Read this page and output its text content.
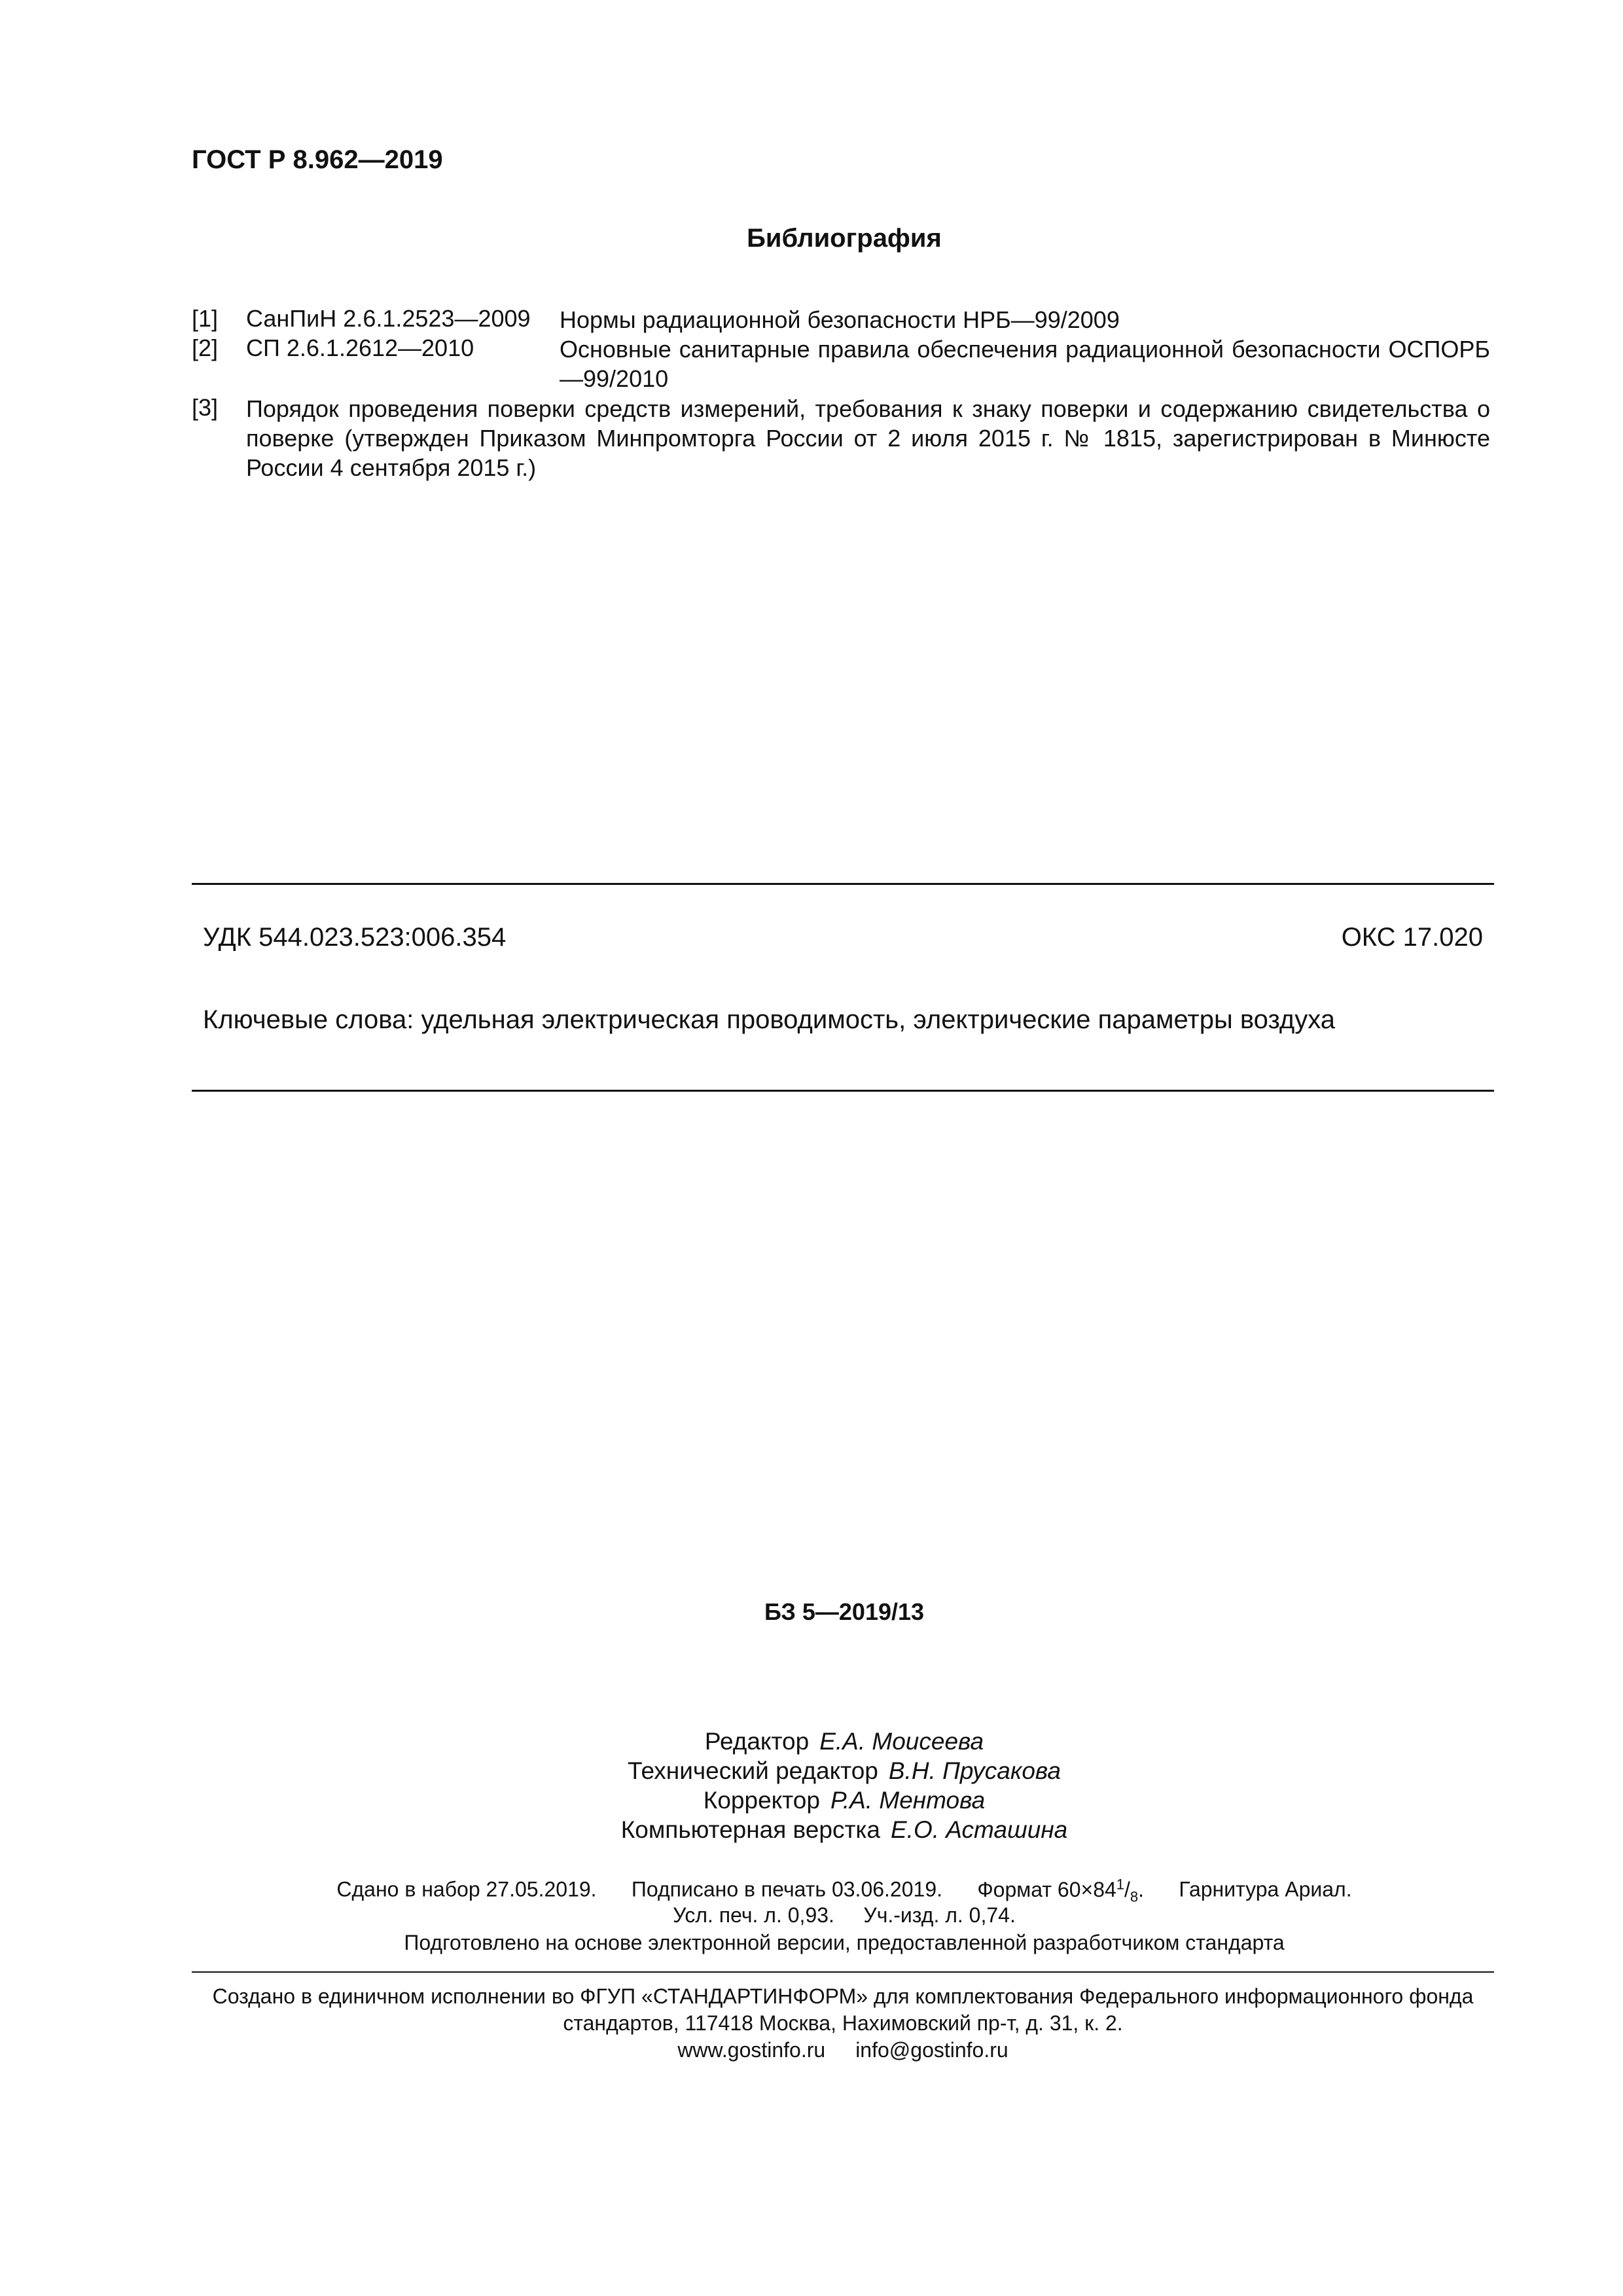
ГОСТ Р 8.962—2019
Библиография
[1] СанПиН 2.6.1.2523—2009 Нормы радиационной безопасности НРБ—99/2009
[2] СП 2.6.1.2612—2010	Основные санитарные правила обеспечения радиационной безопасности ОСПОРБ—99/2010
[3] Порядок проведения поверки средств измерений, требования к знаку поверки и содержанию свидетельства о поверке (утвержден Приказом Минпромторга России от 2 июля 2015 г. № 1815, зарегистрирован в Минюсте России 4 сентября 2015 г.)
УДК 544.023.523:006.354	ОКС 17.020
Ключевые слова: удельная электрическая проводимость, электрические параметры воздуха
БЗ 5—2019/13
Редактор Е.А. Моисеева
Технический редактор В.Н. Прусакова
Корректор Р.А. Ментова
Компьютерная верстка Е.О. Асташина
Сдано в набор 27.05.2019. Подписано в печать 03.06.2019. Формат $60\times 84^1/_8$. Гарнитура Ариал.
Усл. печ. л. 0,93.     Уч.-изд. л. 0,74.
Подготовлено на основе электронной версии, предоставленной разработчиком стандарта
Создано в единичном исполнении во ФГУП «СТАНДАРТИНФОРМ» для комплектования Федерального информационного фонда
стандартов, 117418 Москва, Нахимовский пр-т, д. 31, к. 2.
www.gostinfo.ru info@gostinfo.ru
